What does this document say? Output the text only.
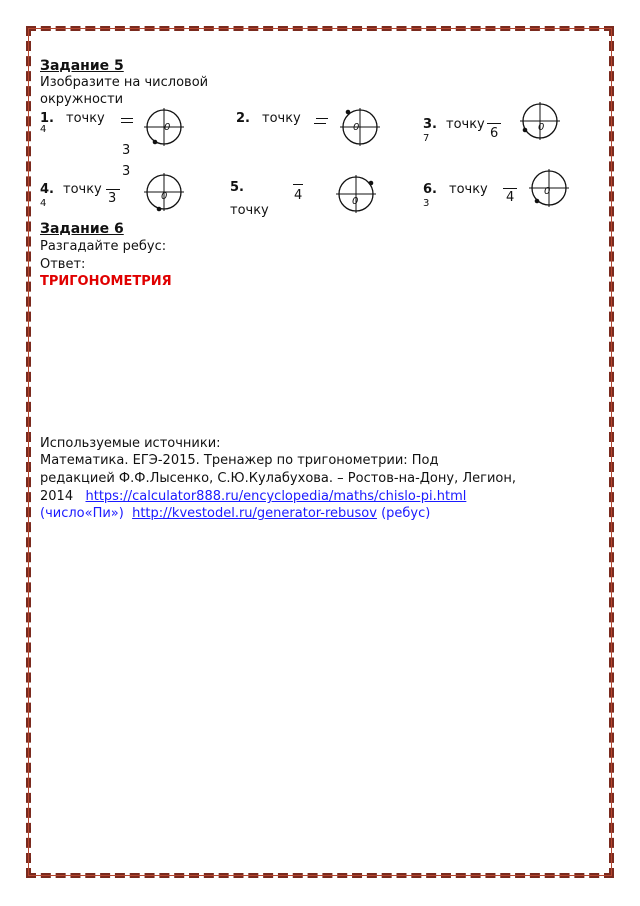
Задание 5
Изобразите на числовой
окружности
1. точку
4
3
0
2. точку
0	3. точку
7	6	0
3
4. точку
4	3	0
5.
точку
4	0
6. точку
3	4	0
Задание 6
Разгадайте ребус:
Ответ:
ТРИГОНОМЕТРИЯ
Используемые источники:
Математика. ЕГЭ-2015. Тренажер по тригонометрии: Под
редакцией Ф.Ф.Лысенко, С.Ю.Кулабухова. – Ростов-на-Дону, Легион,
2014 https://calculator888.ru/encyclopedia/maths/chislo-pi.html
(число«Пи») http://kvestodel.ru/generator-rebusov (ребус)
